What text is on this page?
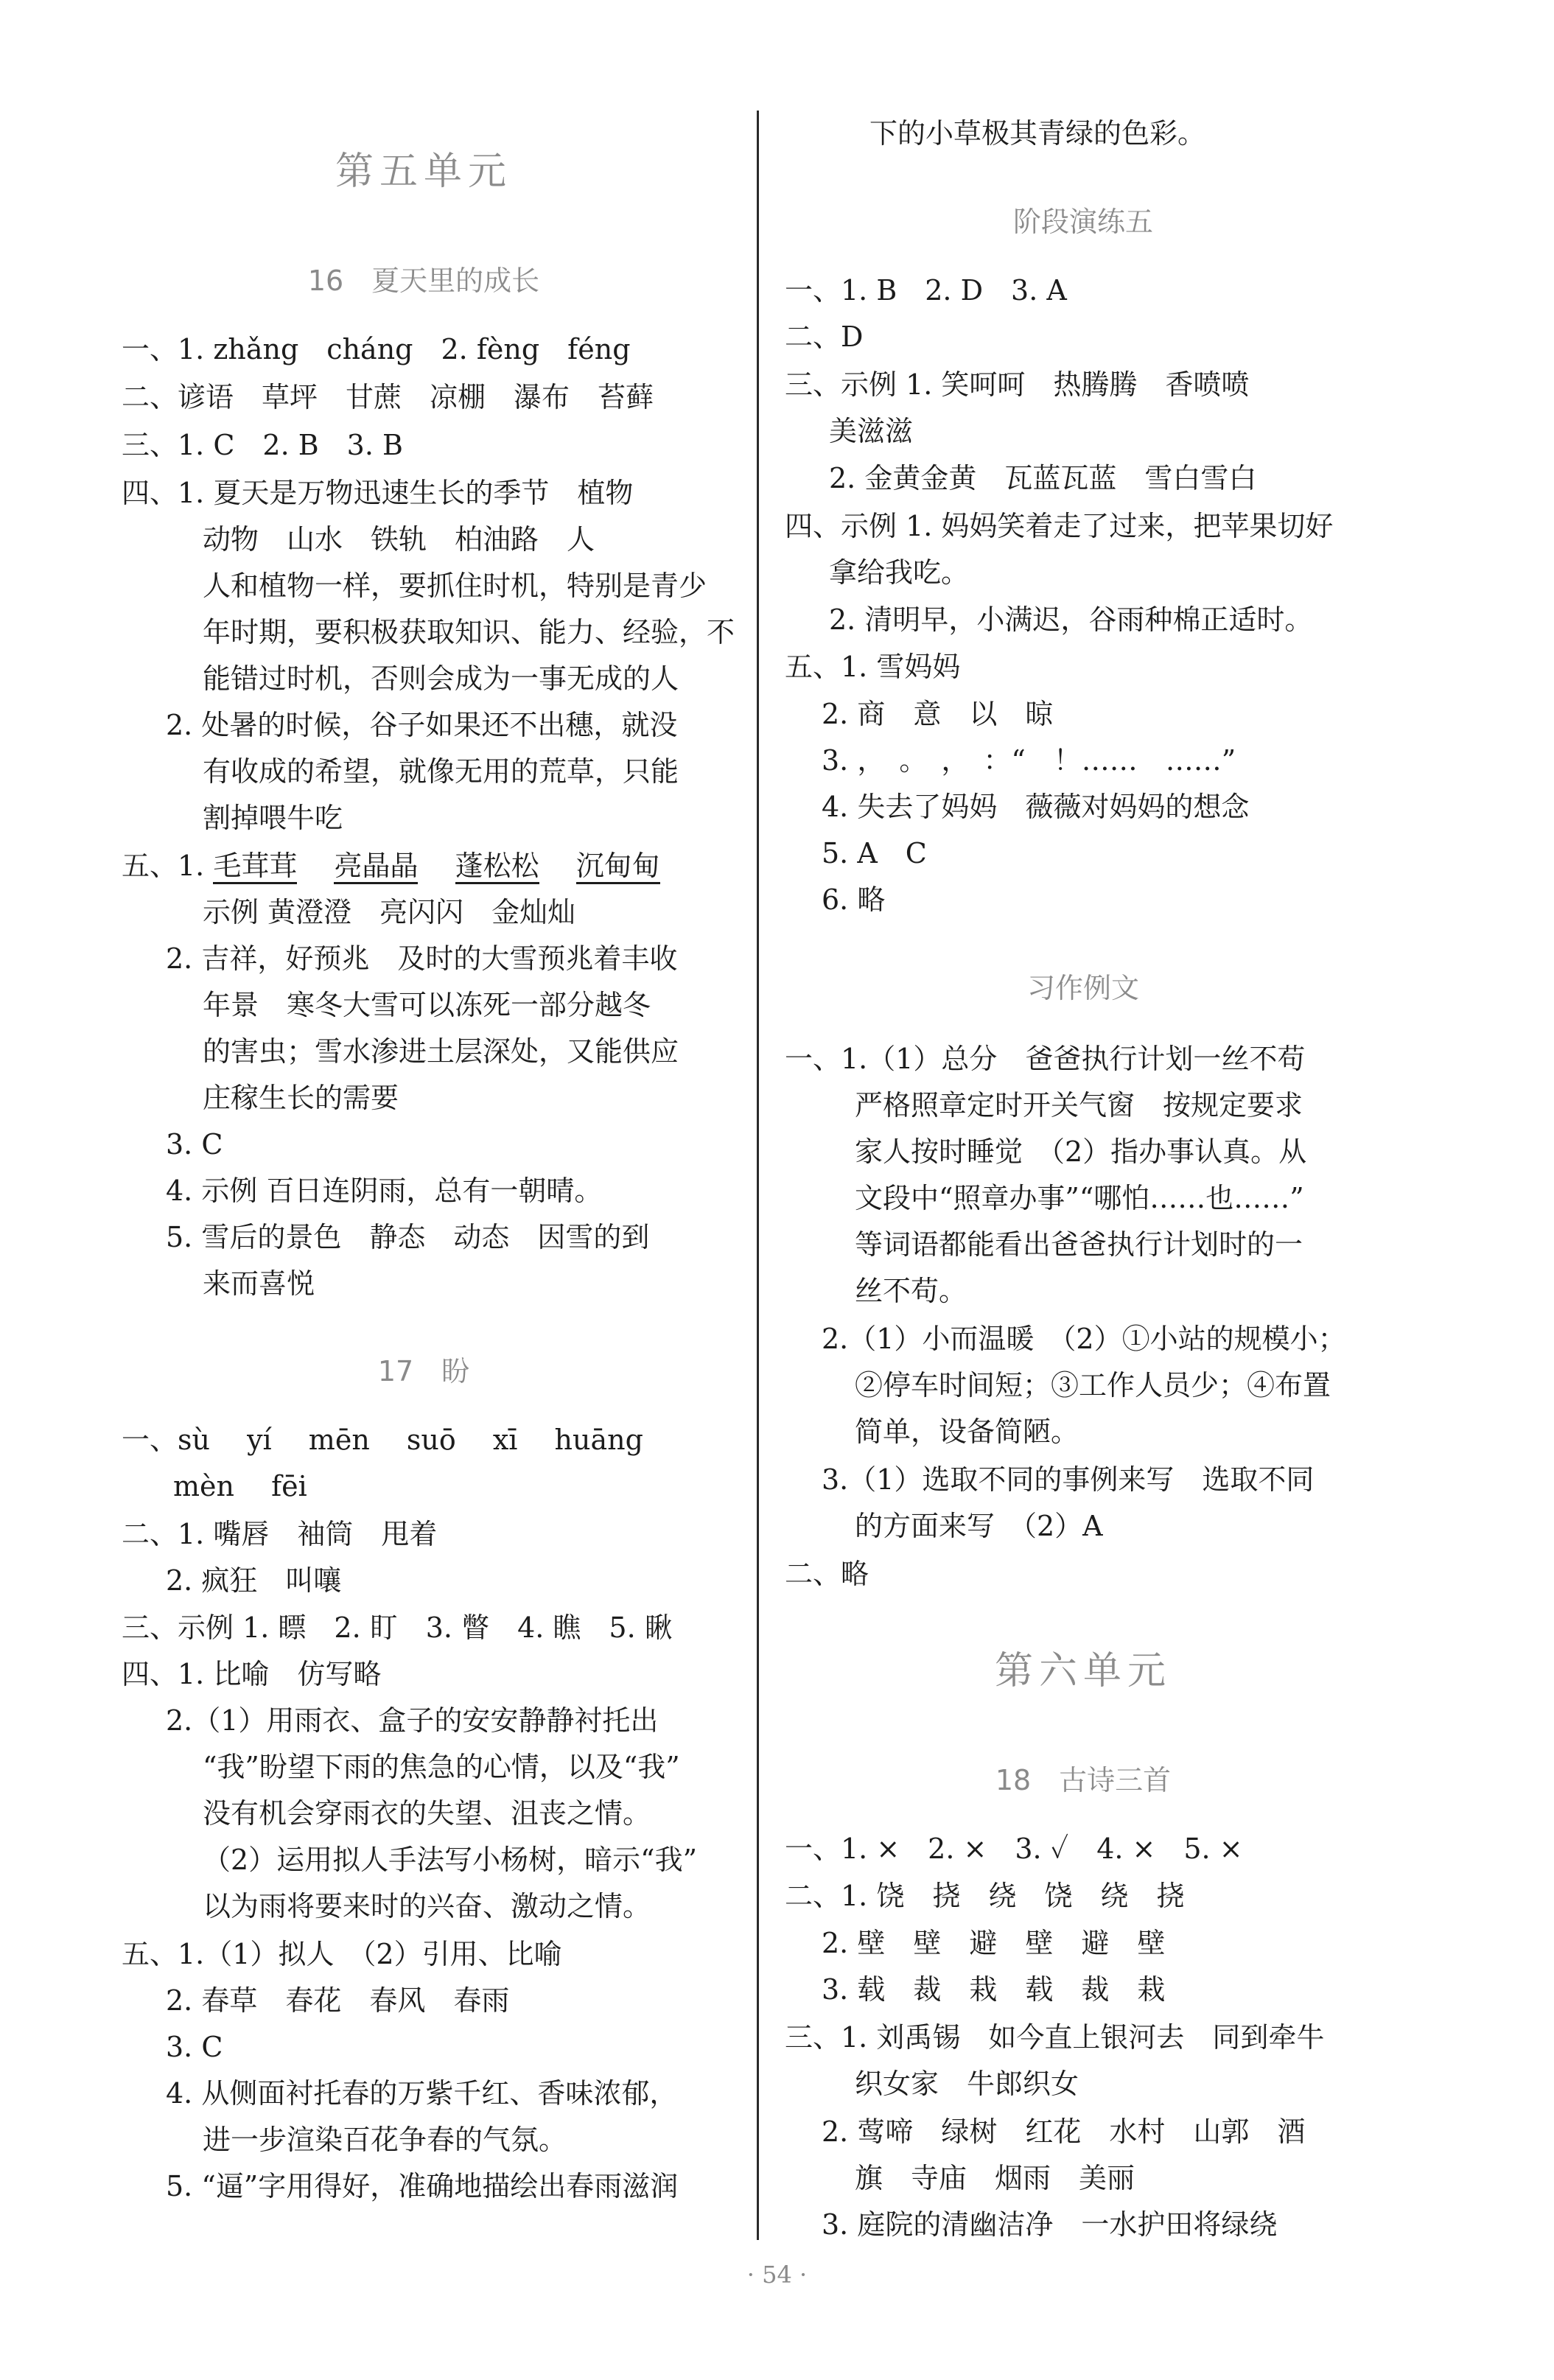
第五单元
16　夏天里的成长
一、1. zhǎng　cháng　2. fèng　féng
二、谚语　草坪　甘蔗　凉棚　瀑布　苔藓
三、1. C　2. B　3. B
四、1. 夏天是万物迅速生长的季节　植物
动物　山水　铁轨　柏油路　人
人和植物一样，要抓住时机，特别是青少
年时期，要积极获取知识、能力、经验，不
能错过时机，否则会成为一事无成的人
2. 处暑的时候，谷子如果还不出穗，就没
有收成的希望，就像无用的荒草，只能
割掉喂牛吃
五、1. 毛茸茸　 亮晶晶　 蓬松松　 沉甸甸
示例 黄澄澄　亮闪闪　金灿灿
2. 吉祥，好预兆　及时的大雪预兆着丰收
年景　寒冬大雪可以冻死一部分越冬
的害虫；雪水渗进土层深处，又能供应
庄稼生长的需要
3. C
4. 示例 百日连阴雨，总有一朝晴。
5. 雪后的景色　静态　动态　因雪的到
来而喜悦
17　盼
一、sù　 yí　 mēn　 suō　 xī　 huāng
mèn　 fēi
二、1. 嘴唇　袖筒　甩着
2. 疯狂　叫嚷
三、示例 1. 瞟　2. 盯　3. 瞥　4. 瞧　5. 瞅
四、1. 比喻　仿写略
2.（1）用雨衣、盒子的安安静静衬托出
“我”盼望下雨的焦急的心情，以及“我”
没有机会穿雨衣的失望、沮丧之情。
（2）运用拟人手法写小杨树，暗示“我”
以为雨将要来时的兴奋、激动之情。
五、1.（1）拟人　（2）引用、比喻
2. 春草　春花　春风　春雨
3. C
4. 从侧面衬托春的万紫千红、香味浓郁，
进一步渲染百花争春的气氛。
5. “逼”字用得好，准确地描绘出春雨滋润
下的小草极其青绿的色彩。
阶段演练五
一、1. B　2. D　3. A
二、D
三、示例 1. 笑呵呵　热腾腾　香喷喷
美滋滋
2. 金黄金黄　瓦蓝瓦蓝　雪白雪白
四、示例 1. 妈妈笑着走了过来，把苹果切好
拿给我吃。
2. 清明早，小满迟，谷雨种棉正适时。
五、1. 雪妈妈
2. 商　意　以　晾
3. ，　。　，　：“　！……　……”
4. 失去了妈妈　薇薇对妈妈的想念
5. A　C
6. 略
习作例文
一、1.（1）总分　爸爸执行计划一丝不苟
严格照章定时开关气窗　按规定要求
家人按时睡觉　（2）指办事认真。从
文段中“照章办事”“哪怕……也……”
等词语都能看出爸爸执行计划时的一
丝不苟。
2.（1）小而温暖　（2）①小站的规模小；
②停车时间短；③工作人员少；④布置
简单，设备简陋。
3.（1）选取不同的事例来写　选取不同
的方面来写　（2）A
二、略
第六单元
18　古诗三首
一、1. ×　2. ×　3. ✓　4. ×　5. ×
二、1. 饶　挠　绕　饶　绕　挠
2. 壁　壁　避　壁　避　壁
3. 载　裁　栽　载　裁　栽
三、1. 刘禹锡　如今直上银河去　同到牵牛
织女家　牛郎织女
2. 莺啼　绿树　红花　水村　山郭　酒
旗　寺庙　烟雨　美丽
3. 庭院的清幽洁净　一水护田将绿绕
· 54 ·
